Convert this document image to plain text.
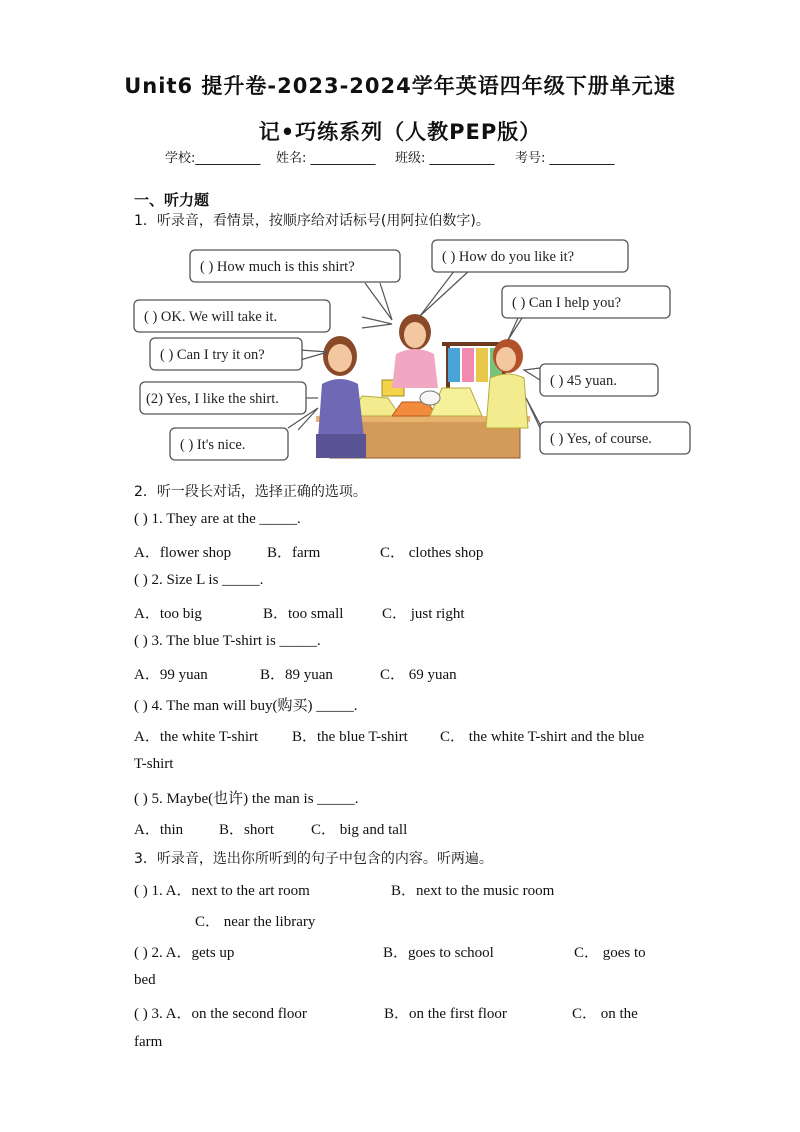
Unit6 提升卷-2023-2024学年英语四年级下册单元速
记•巧练系列（人教PEP版）
学校:__________ 姓名: __________ 班级: __________ 考号: __________
一、听力题
1．听录音，看情景，按顺序给对话标号(用阿拉伯数字)。
( ) How much is this shirt?
( ) How do you like it?
( ) Can I help you?
( ) OK. We will take it.
( ) Can I try it on?
(2) Yes, I like the shirt.
( ) 45 yuan.
( ) It's nice.	( ) Yes, of course.
2．听一段长对话，选择正确的选项。
( ) 1. They are at the _____.
A．flower shop B．farm	C． clothes shop
( ) 2. Size L is _____.
A．too big	B．too small	C． just right
( ) 3. The blue T-shirt is _____.
A．99 yuan	B．89 yuan	C． 69 yuan
( ) 4. The man will buy(购买) _____.
A．the white T-shirt B．the blue T-shirt C． the white T-shirt and the blue
T-shirt
( ) 5. Maybe(也许) the man is _____.
A．thin B．short C． big and tall
3．听录音，选出你所听到的句子中包含的内容。听两遍。
( ) 1. A．next to the art room	B．next to the music room
C． near the library
( ) 2. A．gets up	B．goes to school	C． goes to
bed
( ) 3. A．on the second floor	B．on the first floor	C． on the
farm
